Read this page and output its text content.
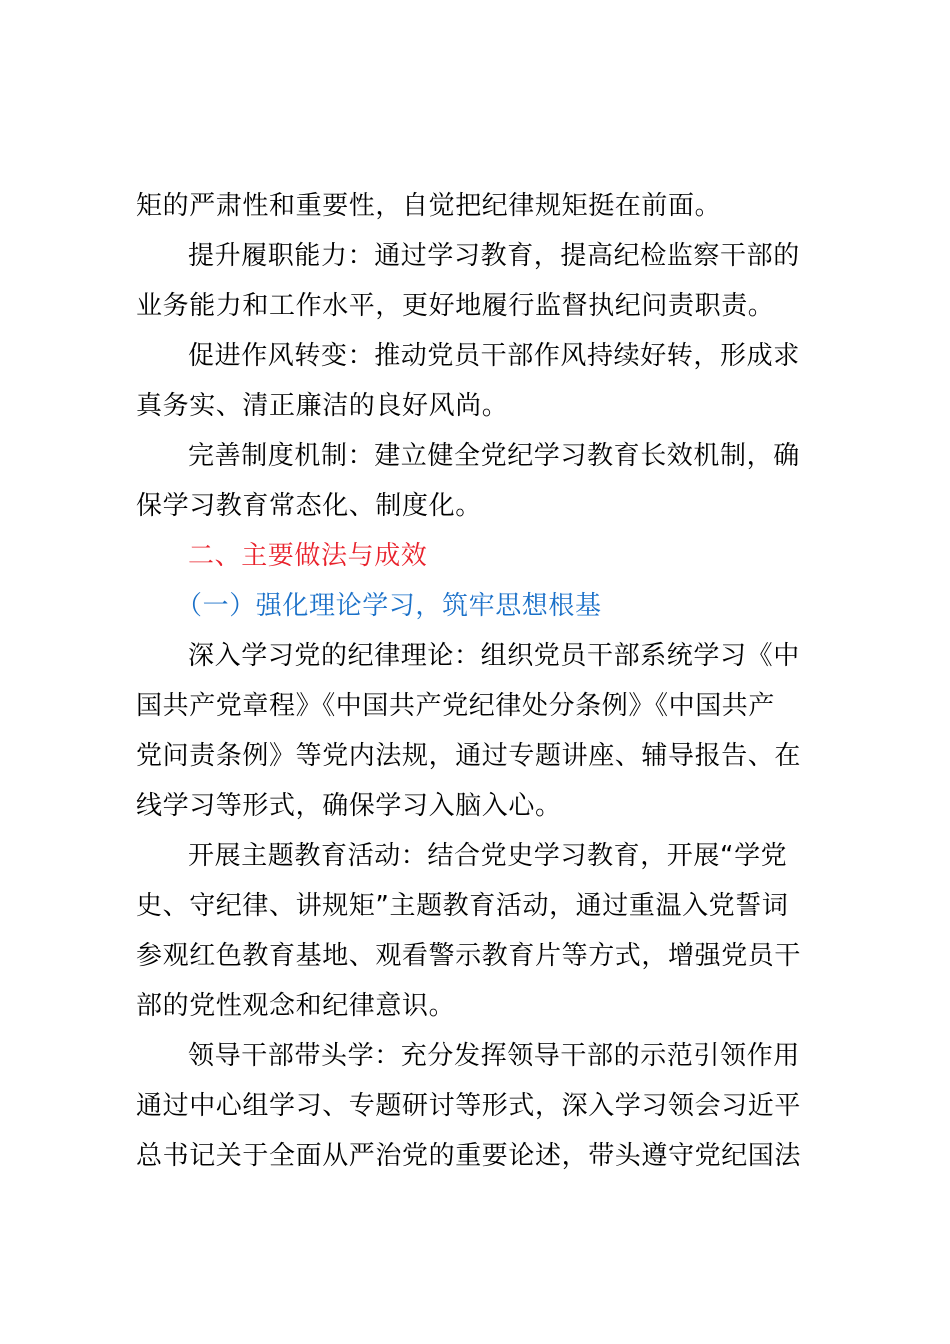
矩的严肃性和重要性，自觉把纪律规矩挺在前面。
提升履职能力：通过学习教育，提高纪检监察干部的
业务能力和工作水平，更好地履行监督执纪问责职责。
促进作风转变：推动党员干部作风持续好转，形成求
真务实、清正廉洁的良好风尚。
完善制度机制：建立健全党纪学习教育长效机制，确
保学习教育常态化、制度化。
二、主要做法与成效
（一）强化理论学习，筑牢思想根基
深入学习党的纪律理论：组织党员干部系统学习《中
国共产党章程》《中国共产党纪律处分条例》《中国共产
党问责条例》等党内法规，通过专题讲座、辅导报告、在
线学习等形式，确保学习入脑入心。
开展主题教育活动：结合党史学习教育，开展“学党
史、守纪律、讲规矩”主题教育活动，通过重温入党誓词
参观红色教育基地、观看警示教育片等方式，增强党员干
部的党性观念和纪律意识。
领导干部带头学：充分发挥领导干部的示范引领作用
通过中心组学习、专题研讨等形式，深入学习领会习近平
总书记关于全面从严治党的重要论述，带头遵守党纪国法
